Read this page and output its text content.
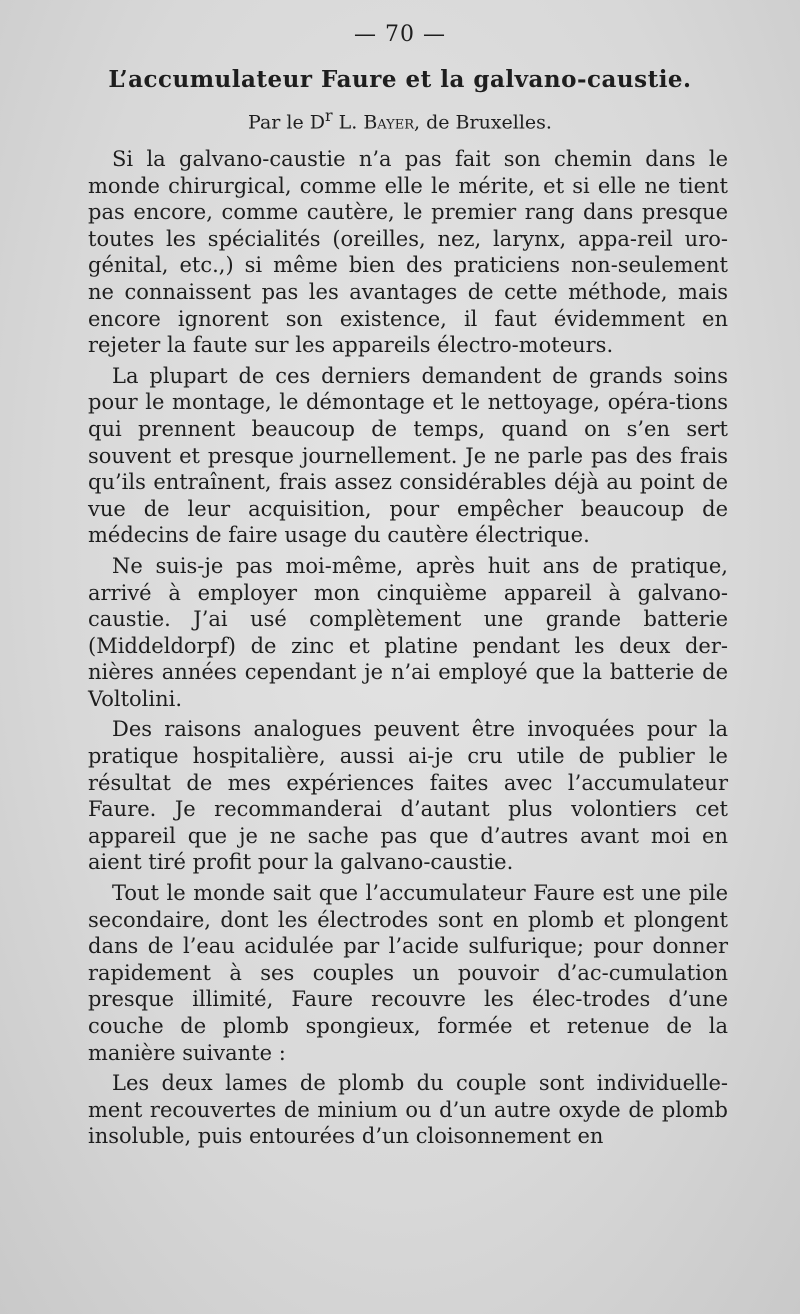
— 70 —
L’accumulateur Faure et la galvano-caustie.
Par le $D^r$ L. Bayer, de Bruxelles.

Si la galvano-caustie n’a pas fait son chemin dans le monde chirurgical, comme elle le mérite, et si elle ne tient pas encore, comme cautère, le premier rang dans presque toutes les spécialités (oreilles, nez, larynx, appa-reil uro-génital, etc.,) si même bien des praticiens non-seulement ne connaissent pas les avantages de cette méthode, mais encore ignorent son existence, il faut évidemment en rejeter la faute sur les appareils électro-moteurs.

La plupart de ces derniers demandent de grands soins pour le montage, le démontage et le nettoyage, opéra-tions qui prennent beaucoup de temps, quand on s’en sert souvent et presque journellement. Je ne parle pas des frais qu’ils entraînent, frais assez considérables déjà au point de vue de leur acquisition, pour empêcher beaucoup de médecins de faire usage du cautère électrique.

Ne suis-je pas moi-même, après huit ans de pratique, arrivé à employer mon cinquième appareil à galvano-caustie. J’ai usé complètement une grande batterie (Middeldorpf) de zinc et platine pendant les deux der-nières années cependant je n’ai employé que la batterie de Voltolini.

Des raisons analogues peuvent être invoquées pour la pratique hospitalière, aussi ai-je cru utile de publier le résultat de mes expériences faites avec l’accumulateur Faure. Je recommanderai d’autant plus volontiers cet appareil que je ne sache pas que d’autres avant moi en aient tiré profit pour la galvano-caustie.

Tout le monde sait que l’accumulateur Faure est une pile secondaire, dont les électrodes sont en plomb et plongent dans de l’eau acidulée par l’acide sulfurique; pour donner rapidement à ses couples un pouvoir d’ac-cumulation presque illimité, Faure recouvre les élec-trodes d’une couche de plomb spongieux, formée et retenue de la manière suivante :

Les deux lames de plomb du couple sont individuelle-ment recouvertes de minium ou d’un autre oxyde de plomb insoluble, puis entourées d’un cloisonnement en
